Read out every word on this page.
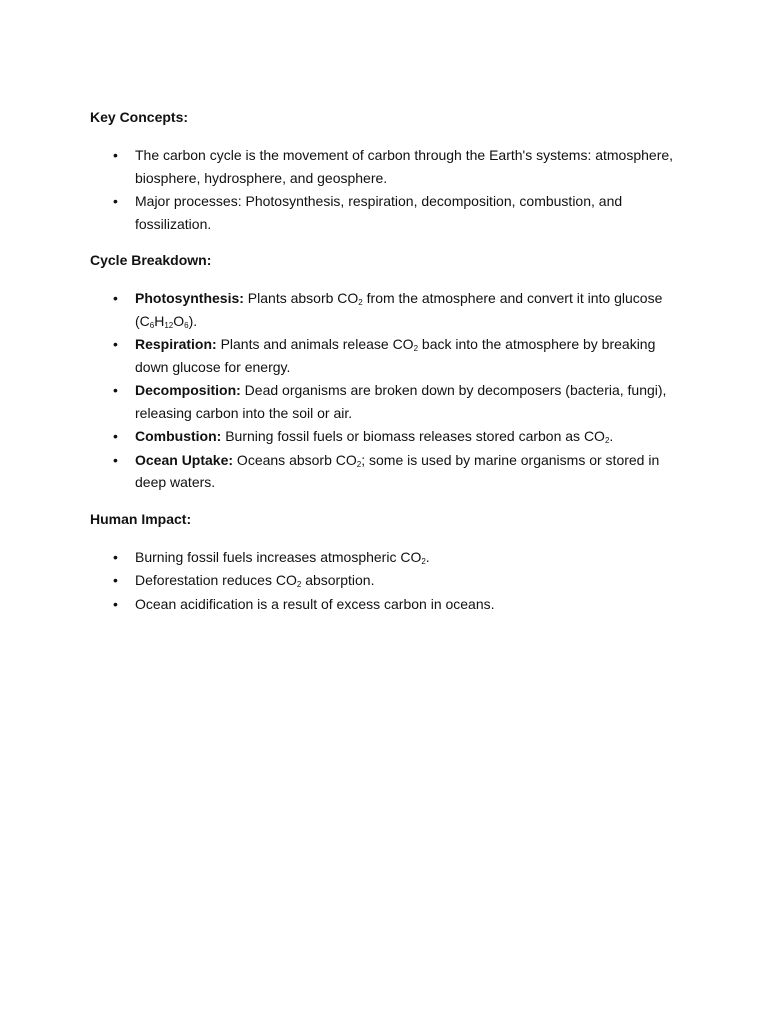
Key Concepts:
• The carbon cycle is the movement of carbon through the Earth's systems: atmosphere, biosphere, hydrosphere, and geosphere.
• Major processes: Photosynthesis, respiration, decomposition, combustion, and fossilization.
Cycle Breakdown:
• Photosynthesis: Plants absorb $CO_2$ from the atmosphere and convert it into glucose $(C_6H_{12}O_6)$.
• Respiration: Plants and animals release $CO_2$ back into the atmosphere by breaking down glucose for energy.
• Decomposition: Dead organisms are broken down by decomposers (bacteria, fungi), releasing carbon into the soil or air.
• Combustion: Burning fossil fuels or biomass releases stored carbon as $CO_2$.
• Ocean Uptake: Oceans absorb $CO_2$; some is used by marine organisms or stored in deep waters.
Human Impact:
• Burning fossil fuels increases atmospheric $CO_2$.
• Deforestation reduces $CO_2$ absorption.
• Ocean acidification is a result of excess carbon in oceans.
